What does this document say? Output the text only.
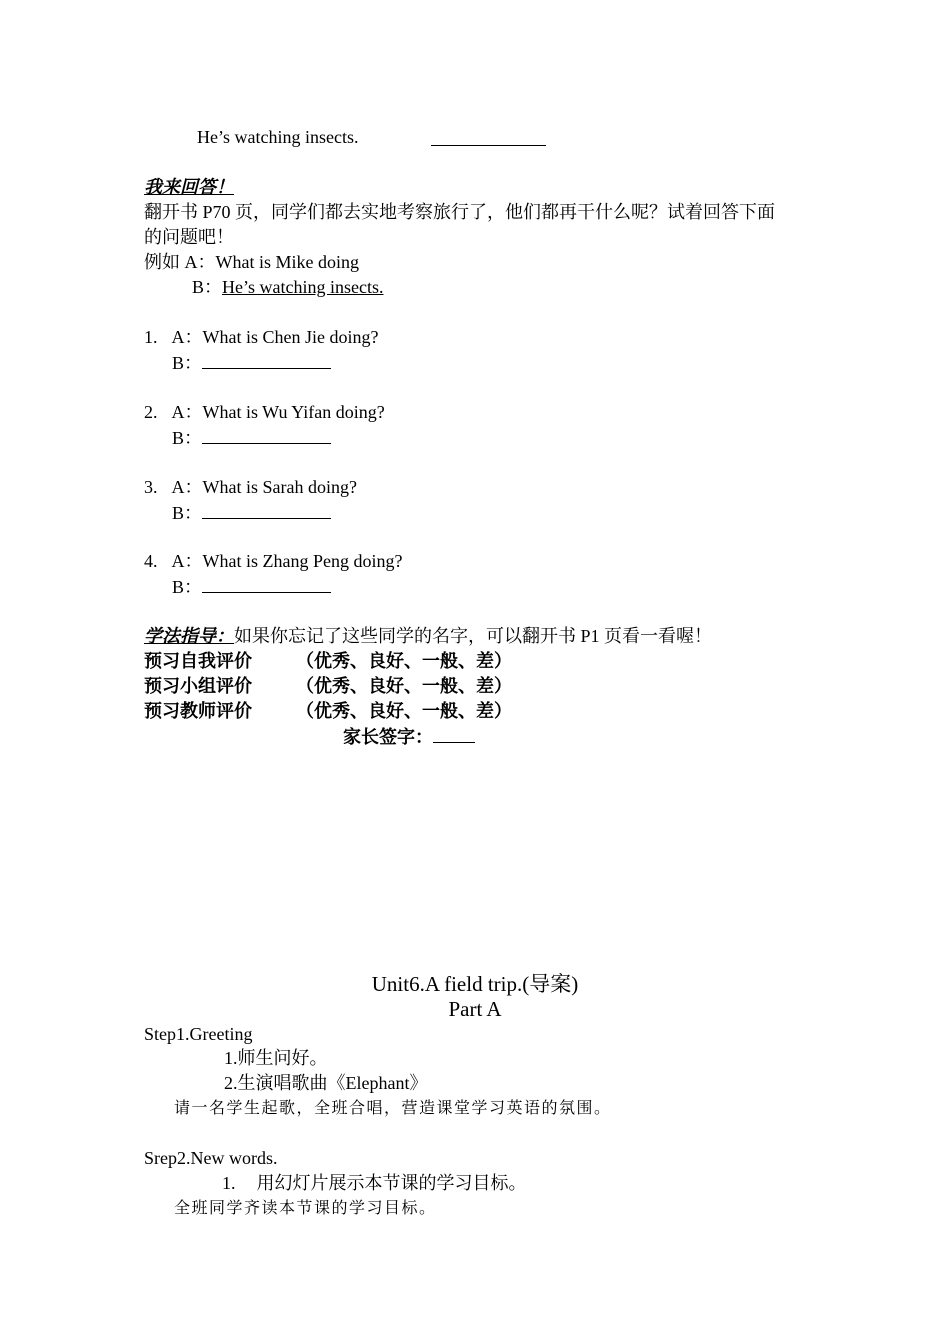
He’s watching insects.
我来回答！
翻开书 P70 页，同学们都去实地考察旅行了，他们都再干什么呢？试着回答下面
的问题吧！
例如 A：What is Mike doing
B：He’s watching insects.
1. A：What is Chen Jie doing?
B：
2. A：What is Wu Yifan doing?
B：
3. A：What is Sarah doing?
B：
4. A：What is Zhang Peng doing?
B：
学法指导：如果你忘记了这些同学的名字，可以翻开书 P1 页看一看喔！
预习自我评价 （优秀、良好、一般、差）
预习小组评价 （优秀、良好、一般、差）
预习教师评价 （优秀、良好、一般、差）
家长签字：
Unit6.A field trip.(导案)
Part A
Step1.Greeting
1.师生问好。
2.生演唱歌曲《Elephant》
请一名学生起歌，全班合唱，营造课堂学习英语的氛围。
Srep2.New words.
1. 用幻灯片展示本节课的学习目标。
全班同学齐读本节课的学习目标。
